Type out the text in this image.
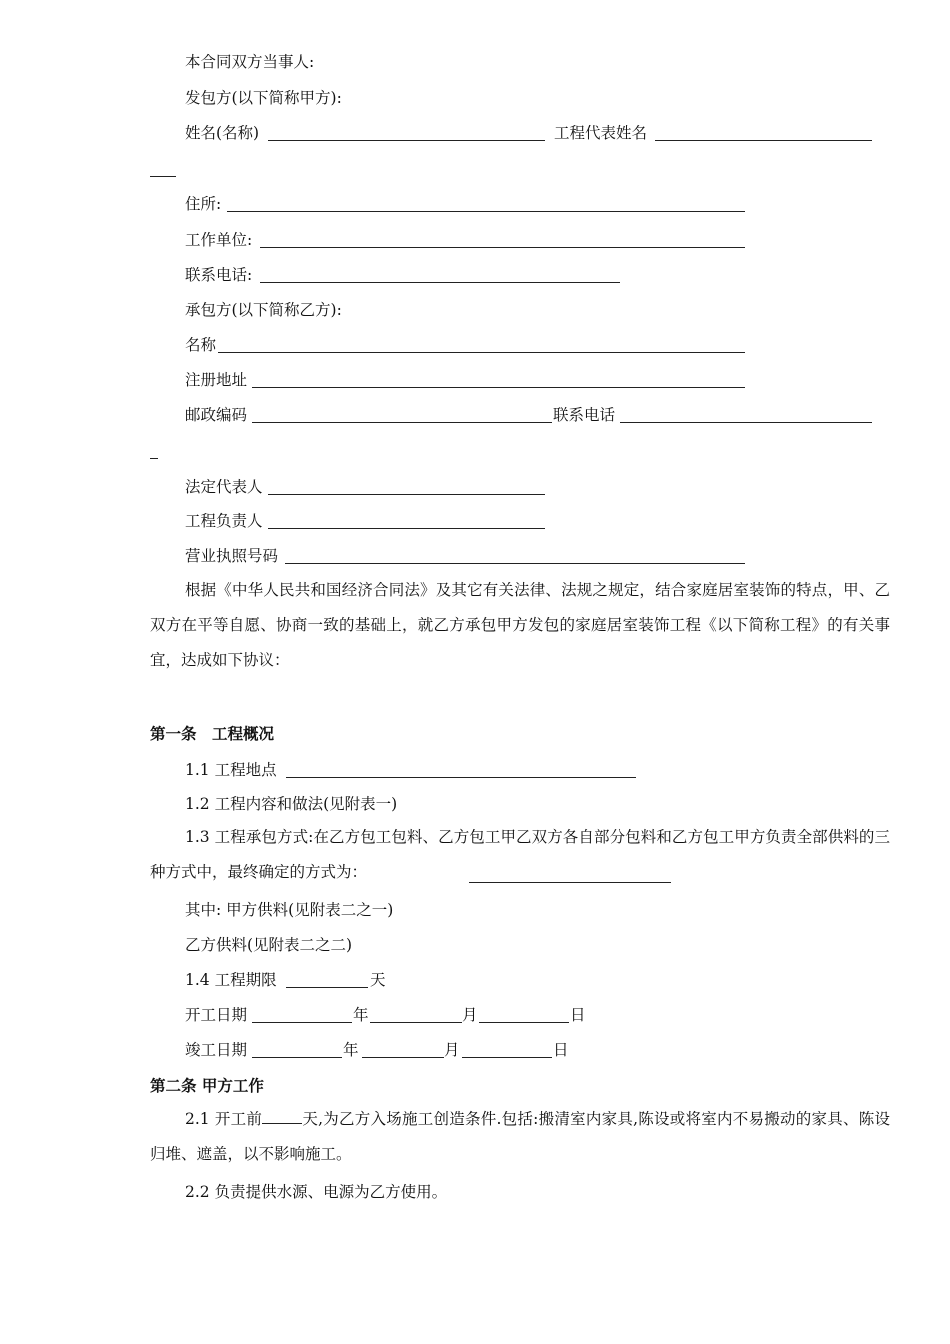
本合同双方当事人:
发包方(以下简称甲方):
姓名(名称)	工程代表姓名
住所:
工作单位:
联系电话:
承包方(以下简称乙方):
名称
注册地址
邮政编码	联系电话
法定代表人
工程负责人
营业执照号码
根据《中华人民共和国经济合同法》及其它有关法律、法规之规定，结合家庭居室装饰的特点，甲、乙双方在平等自愿、协商一致的基础上，就乙方承包甲方发包的家庭居室装饰工程《以下简称工程》的有关事宜，达成如下协议：
第一条　工程概况
1.1 工程地点
1.2 工程内容和做法(见附表一)
1.3 工程承包方式:在乙方包工包料、乙方包工甲乙双方各自部分包料和乙方包工甲方负责全部供料的三种方式中，最终确定的方式为：
其中: 甲方供料(见附表二之一)
乙方供料(见附表二之二)
1.4 工程期限	天
开工日期	年	月	日
竣工日期	年	月	日
第二条 甲方工作
2.1 开工前	天,为乙方入场施工创造条件.包括:搬清室内家具,陈设或将室内不易搬动的家具、陈设归堆、遮盖，以不影响施工。
2.2 负责提供水源、电源为乙方使用。
